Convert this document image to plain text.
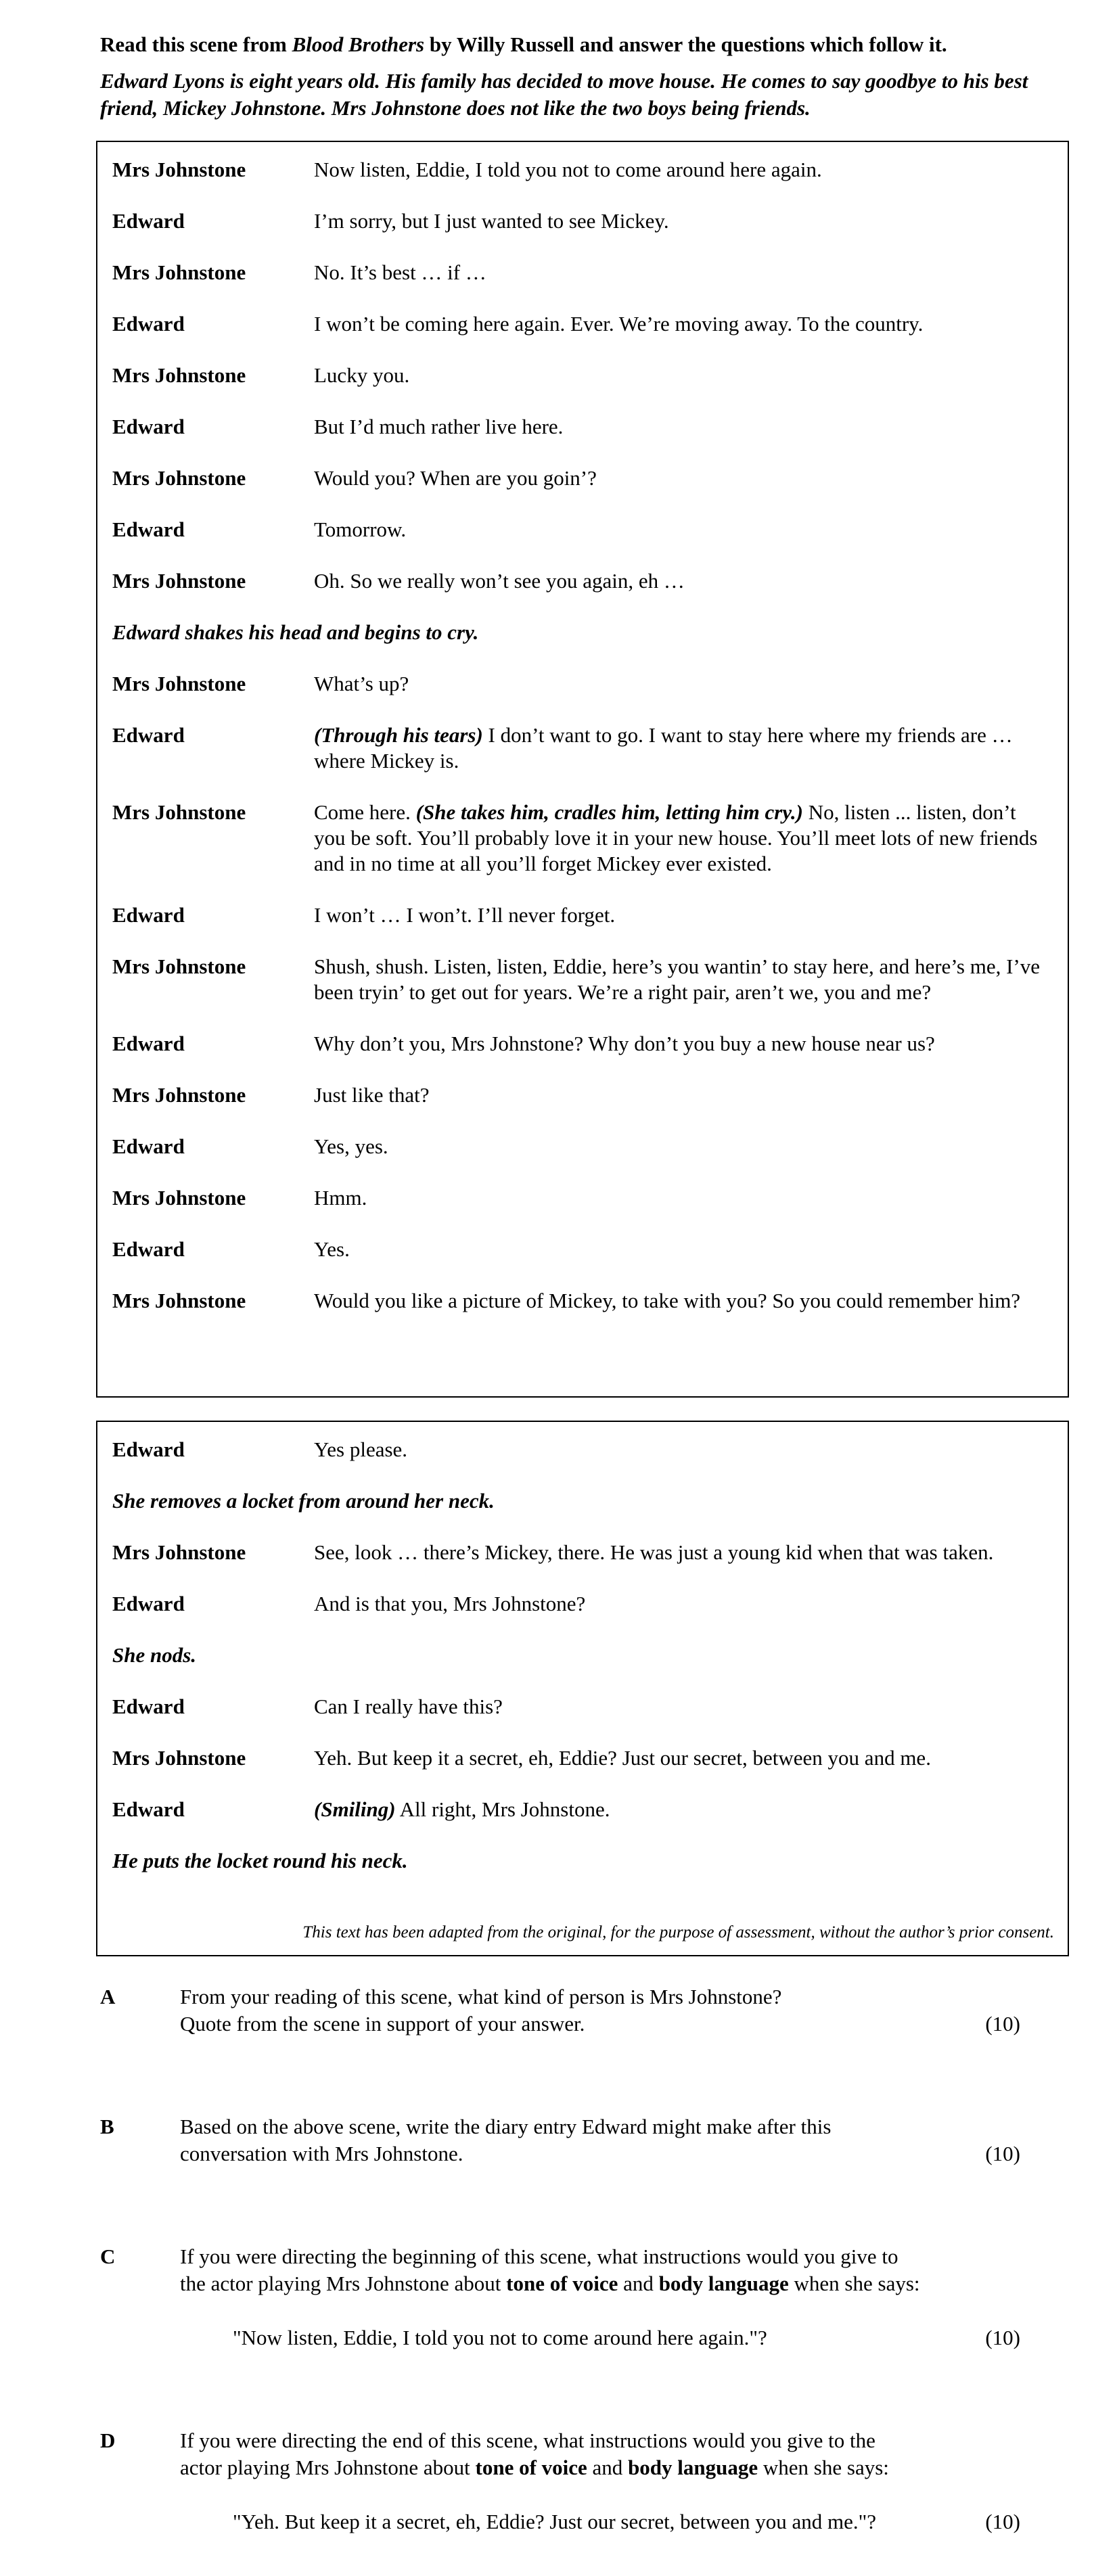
Read this scene from Blood Brothers by Willy Russell and answer the questions which follow it.
Edward Lyons is eight years old. His family has decided to move house. He comes to say goodbye to his best friend, Mickey Johnstone. Mrs Johnstone does not like the two boys being friends.
Mrs Johnstone	Now listen, Eddie, I told you not to come around here again.
Edward	I’m sorry, but I just wanted to see Mickey.
Mrs Johnstone	No. It’s best … if …
Edward	I won’t be coming here again. Ever. We’re moving away. To the country.
Mrs Johnstone	Lucky you.
Edward	But I’d much rather live here.
Mrs Johnstone	Would you? When are you goin’?
Edward	Tomorrow.
Mrs Johnstone	Oh. So we really won’t see you again, eh …
Edward shakes his head and begins to cry.
Mrs Johnstone	What’s up?
Edward	(Through his tears) I don’t want to go. I want to stay here where my friends are … where Mickey is.
Mrs Johnstone	Come here. (She takes him, cradles him, letting him cry.) No, listen ... listen, don’t you be soft. You’ll probably love it in your new house. You’ll meet lots of new friends and in no time at all you’ll forget Mickey ever existed.
Edward	I won’t … I won’t. I’ll never forget.
Mrs Johnstone	Shush, shush. Listen, listen, Eddie, here’s you wantin’ to stay here, and here’s me, I’ve been tryin’ to get out for years. We’re a right pair, aren’t we, you and me?
Edward	Why don’t you, Mrs Johnstone? Why don’t you buy a new house near us?
Mrs Johnstone	Just like that?
Edward	Yes, yes.
Mrs Johnstone	Hmm.
Edward	Yes.
Mrs Johnstone	Would you like a picture of Mickey, to take with you? So you could remember him?
Edward	Yes please.
She removes a locket from around her neck.
Mrs Johnstone	See, look … there’s Mickey, there. He was just a young kid when that was taken.
Edward	And is that you, Mrs Johnstone?
She nods.
Edward	Can I really have this?
Mrs Johnstone	Yeh. But keep it a secret, eh, Eddie? Just our secret, between you and me.
Edward	(Smiling) All right, Mrs Johnstone.
He puts the locket round his neck.
This text has been adapted from the original, for the purpose of assessment, without the author’s prior consent.
A	From your reading of this scene, what kind of person is Mrs Johnstone?
Quote from the scene in support of your answer.	(10)
B	Based on the above scene, write the diary entry Edward might make after this
conversation with Mrs Johnstone.	(10)
C	If you were directing the beginning of this scene, what instructions would you give to
the actor playing Mrs Johnstone about tone of voice and body language when she says:
"Now listen, Eddie, I told you not to come around here again."?	(10)
D	If you were directing the end of this scene, what instructions would you give to the
actor playing Mrs Johnstone about tone of voice and body language when she says:
"Yeh. But keep it a secret, eh, Eddie? Just our secret, between you and me."?	(10)
